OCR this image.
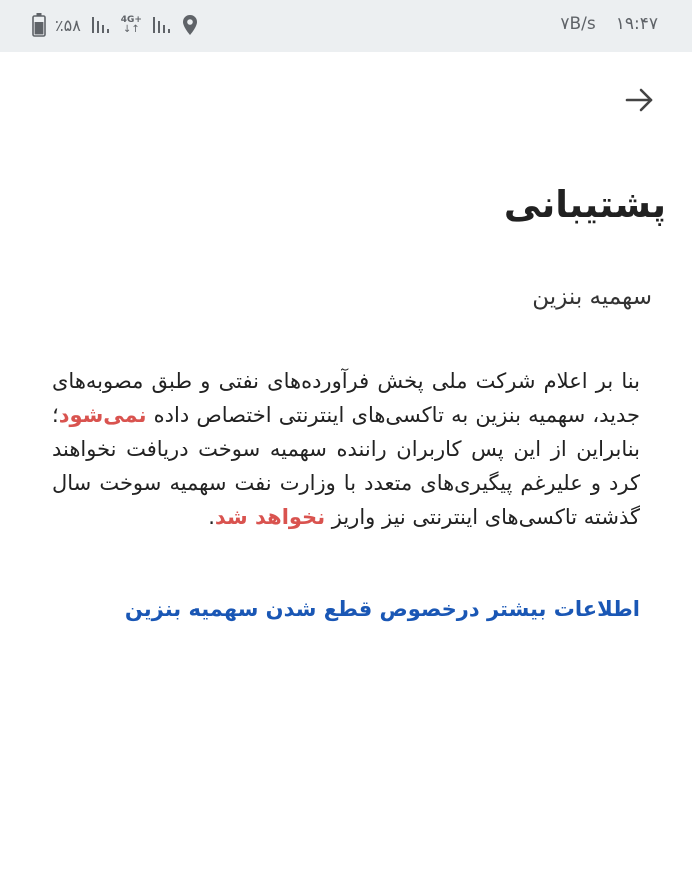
٪۵۸	4G+
↓↑	۷B/s ۱۹:۴۷
پشتیبانی

سهمیه بنزین

بنا بر اعلام شرکت ملی پخش فرآورده‌های نفتی و طبق مصوبه‌های جدید، سهمیه بنزین به تاکسی‌های اینترنتی اختصاص داده نمی‌شود؛ بنابراین از این پس کاربران راننده سهمیه سوخت دریافت نخواهند کرد و علیرغم پیگیری‌های متعدد با وزارت نفت سهمیه سوخت سال گذشته تاکسی‌های اینترنتی نیز واریز نخواهد شد.

اطلاعات بیشتر درخصوص قطع شدن سهمیه بنزین
